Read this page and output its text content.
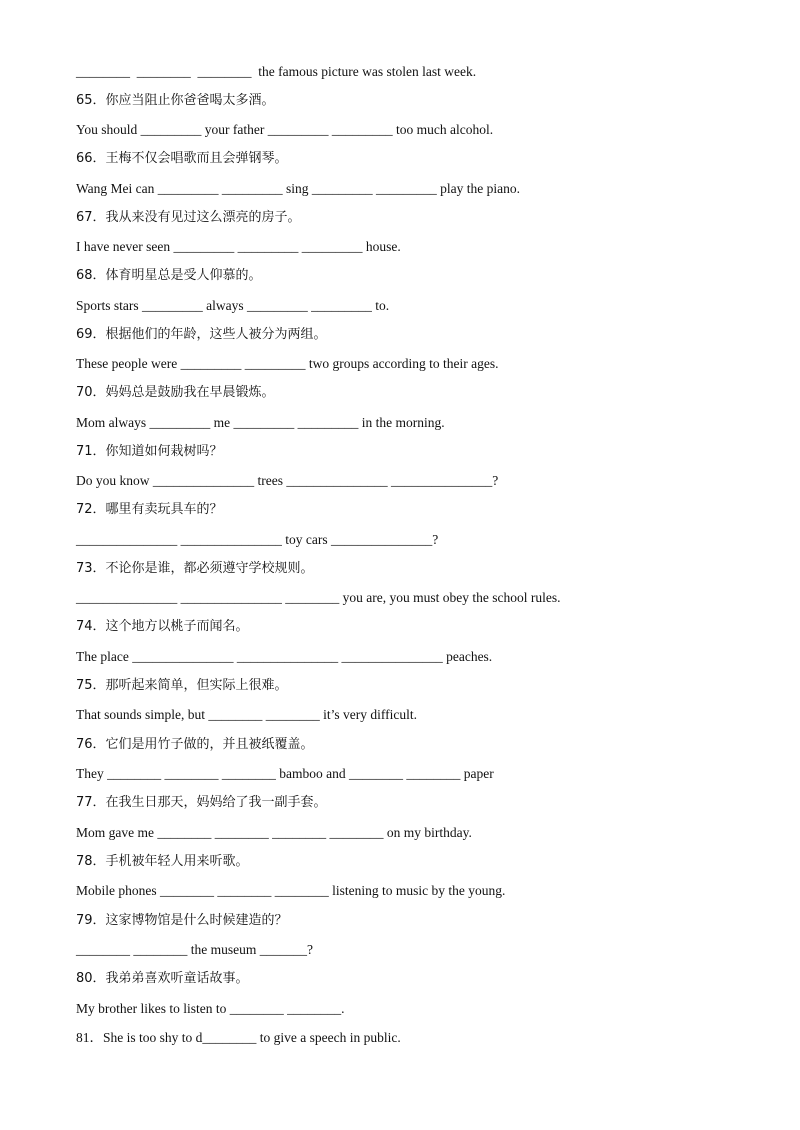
________  ________  ________  the famous picture was stolen last week.
65．你应当阻止你爸爸喝太多酒。
You should _________ your father _________ _________ too much alcohol.
66．王梅不仅会唱歌而且会弹钢琴。
Wang Mei can _________ _________ sing _________ _________ play the piano.
67．我从来没有见过这么漂亮的房子。
I have never seen _________ _________ _________ house.
68．体育明星总是受人仰慕的。
Sports stars _________ always _________ _________ to.
69．根据他们的年龄，这些人被分为两组。
These people were _________ _________ two groups according to their ages.
70．妈妈总是鼓励我在早晨锻炼。
Mom always _________ me _________ _________ in the morning.
71．你知道如何栽树吗？
Do you know _______________ trees _______________ _______________?
72．哪里有卖玩具车的？
_______________ _______________ toy cars _______________?
73．不论你是谁，都必须遵守学校规则。
_______________ _______________ ________ you are, you must obey the school rules.
74．这个地方以桃子而闻名。
The place _______________ _______________ _______________ peaches.
75．那听起来简单，但实际上很难。
That sounds simple, but ________ ________ it’s very difficult.
76．它们是用竹子做的，并且被纸覆盖。
They ________ ________ ________ bamboo and ________ ________ paper
77．在我生日那天，妈妈给了我一副手套。
Mom gave me ________ ________ ________ ________ on my birthday.
78．手机被年轻人用来听歌。
Mobile phones ________ ________ ________ listening to music by the young.
79．这家博物馆是什么时候建造的？
________ ________ the museum _______?
80．我弟弟喜欢听童话故事。
My brother likes to listen to ________ ________.
81．She is too shy to d________ to give a speech in public.
